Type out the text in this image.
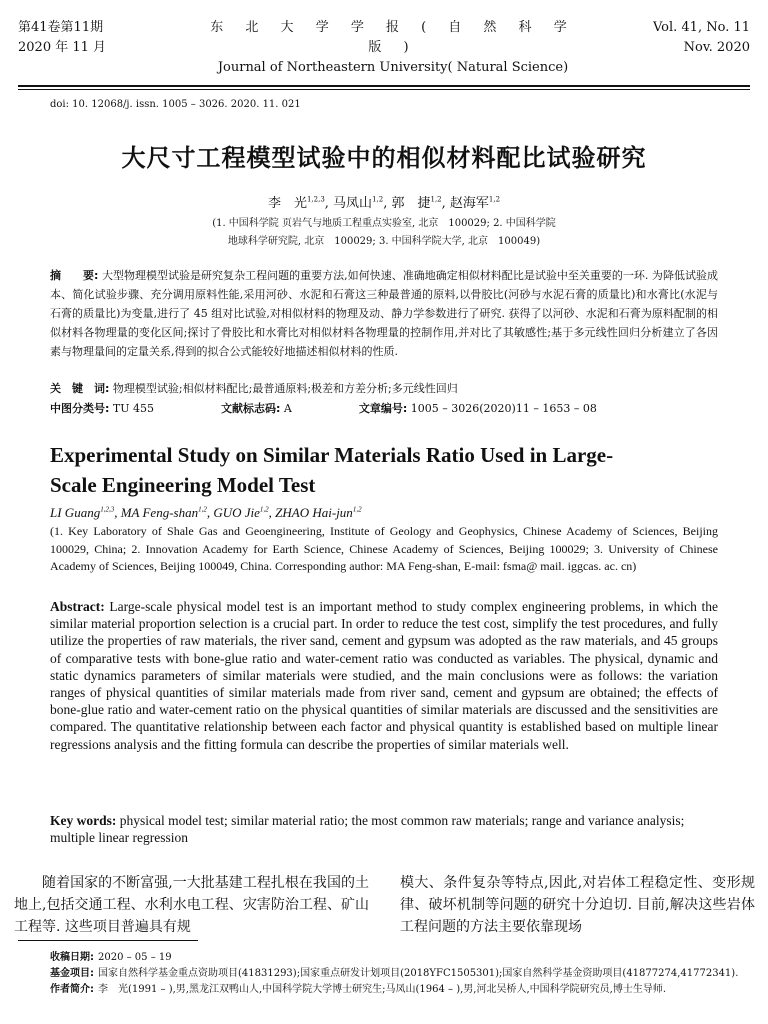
第41卷第11期
2020 年 11 月
东 北 大 学 学 报 ( 自 然 科 学 版 )
Journal of Northeastern University( Natural Science)
Vol. 41, No. 11
Nov. 2020
doi: 10. 12068/j. issn. 1005 – 3026. 2020. 11. 021
大尺寸工程模型试验中的相似材料配比试验研究
李　光$^{1,2,3}$, 马凤山$^{1,2}$, 郭　捷$^{1,2}$, 赵海军$^{1,2}$
(1. 中国科学院 页岩气与地质工程重点实验室, 北京　100029; 2. 中国科学院
地球科学研究院, 北京　100029; 3. 中国科学院大学, 北京　100049)
摘　　要: 大型物理模型试验是研究复杂工程问题的重要方法,如何快速、准确地确定相似材料配比是试验中至关重要的一环. 为降低试验成本、简化试验步骤、充分调用原料性能,采用河砂、水泥和石膏这三种最普通的原料,以骨胶比(河砂与水泥石膏的质量比)和水膏比(水泥与石膏的质量比)为变量,进行了 45 组对比试验,对相似材料的物理及动、静力学参数进行了研究. 获得了以河砂、水泥和石膏为原料配制的相似材料各物理量的变化区间;探讨了骨胶比和水膏比对相似材料各物理量的控制作用,并对比了其敏感性;基于多元线性回归分析建立了各因素与物理量间的定量关系,得到的拟合公式能较好地描述相似材料的性质.
关　键　词: 物理模型试验;相似材料配比;最普通原料;极差和方差分析;多元线性回归
中图分类号: TU 455	文献标志码: A	文章编号: 1005 – 3026(2020)11 – 1653 – 08
Experimental Study on Similar Materials Ratio Used in Large-
Scale Engineering Model Test
LI Guang$^{1,2,3}$, MA Feng-shan$^{1,2}$, GUO Jie$^{1,2}$, ZHAO Hai-jun$^{1,2}$
(1. Key Laboratory of Shale Gas and Geoengineering, Institute of Geology and Geophysics, Chinese Academy of Sciences, Beijing 100029, China; 2. Innovation Academy for Earth Science, Chinese Academy of Sciences, Beijing 100029; 3. University of Chinese Academy of Sciences, Beijing 100049, China. Corresponding author: MA Feng-shan, E-mail: fsma@ mail. iggcas. ac. cn)
Abstract: Large-scale physical model test is an important method to study complex engineering problems, in which the similar material proportion selection is a crucial part. In order to reduce the test cost, simplify the test procedures, and fully utilize the properties of raw materials, the river sand, cement and gypsum was adopted as the raw materials, and 45 groups of comparative tests with bone-glue ratio and water-cement ratio was conducted as variables. The physical, dynamic and static dynamics parameters of similar materials were studied, and the main conclusions were as follows: the variation ranges of physical quantities of similar materials made from river sand, cement and gypsum are obtained; the effects of bone-glue ratio and water-cement ratio on the physical quantities of similar materials are discussed and the sensitivities are compared. The quantitative relationship between each factor and physical quantity is established based on multiple linear regressions analysis and the fitting formula can describe the properties of similar materials well.
Key words: physical model test; similar material ratio; the most common raw materials; range and variance analysis; multiple linear regression

　　随着国家的不断富强,一大批基建工程扎根在我国的土地上,包括交通工程、水利水电工程、灾害防治工程、矿山工程等. 这些项目普遍具有规

模大、条件复杂等特点,因此,对岩体工程稳定性、变形规律、破坏机制等问题的研究十分迫切. 目前,解决这些岩体工程问题的方法主要依靠现场

收稿日期: 2020 – 05 – 19
基金项目: 国家自然科学基金重点资助项目(41831293);国家重点研发计划项目(2018YFC1505301);国家自然科学基金资助项目(41877274,41772341).
作者简介: 李　光(1991 – ),男,黑龙江双鸭山人,中国科学院大学博士研究生;马凤山(1964 – ),男,河北吴桥人,中国科学院研究员,博士生导师.
